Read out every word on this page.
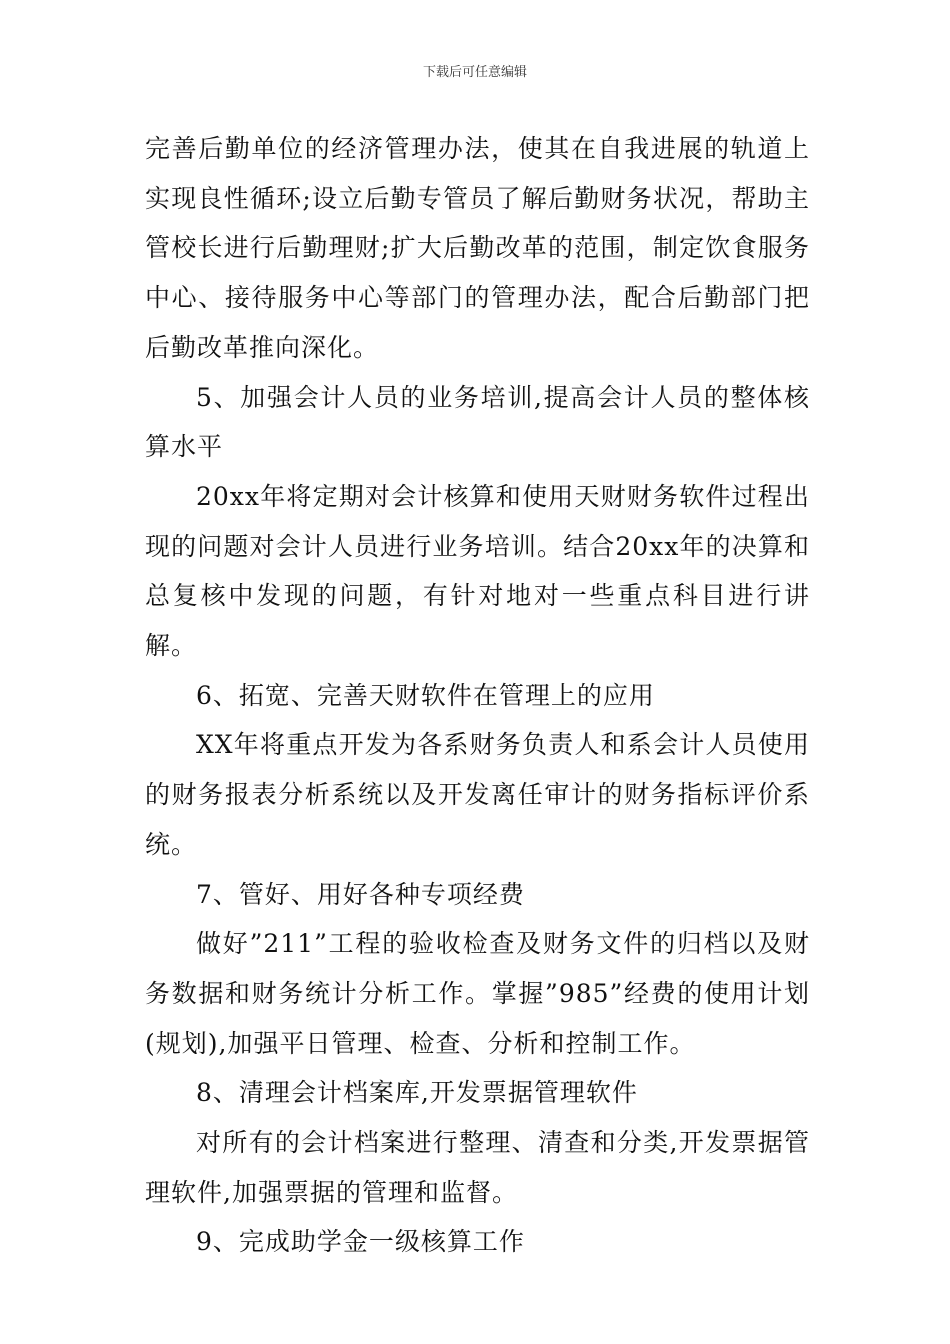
下载后可任意编辑

完善后勤单位的经济管理办法，使其在自我进展的轨道上实现良性循环;设立后勤专管员了解后勤财务状况，帮助主管校长进行后勤理财;扩大后勤改革的范围，制定饮食服务中心、接待服务中心等部门的管理办法，配合后勤部门把后勤改革推向深化。

5、加强会计人员的业务培训,提高会计人员的整体核算水平

20xx年将定期对会计核算和使用天财财务软件过程出现的问题对会计人员进行业务培训。结合20xx年的决算和总复核中发现的问题，有针对地对一些重点科目进行讲解。

6、拓宽、完善天财软件在管理上的应用

XX年将重点开发为各系财务负责人和系会计人员使用的财务报表分析系统以及开发离任审计的财务指标评价系统。

7、管好、用好各种专项经费

做好”211”工程的验收检查及财务文件的归档以及财务数据和财务统计分析工作。掌握”985”经费的使用计划(规划),加强平日管理、检查、分析和控制工作。

8、清理会计档案库,开发票据管理软件

对所有的会计档案进行整理、清查和分类,开发票据管理软件,加强票据的管理和监督。

9、完成助学金一级核算工作
